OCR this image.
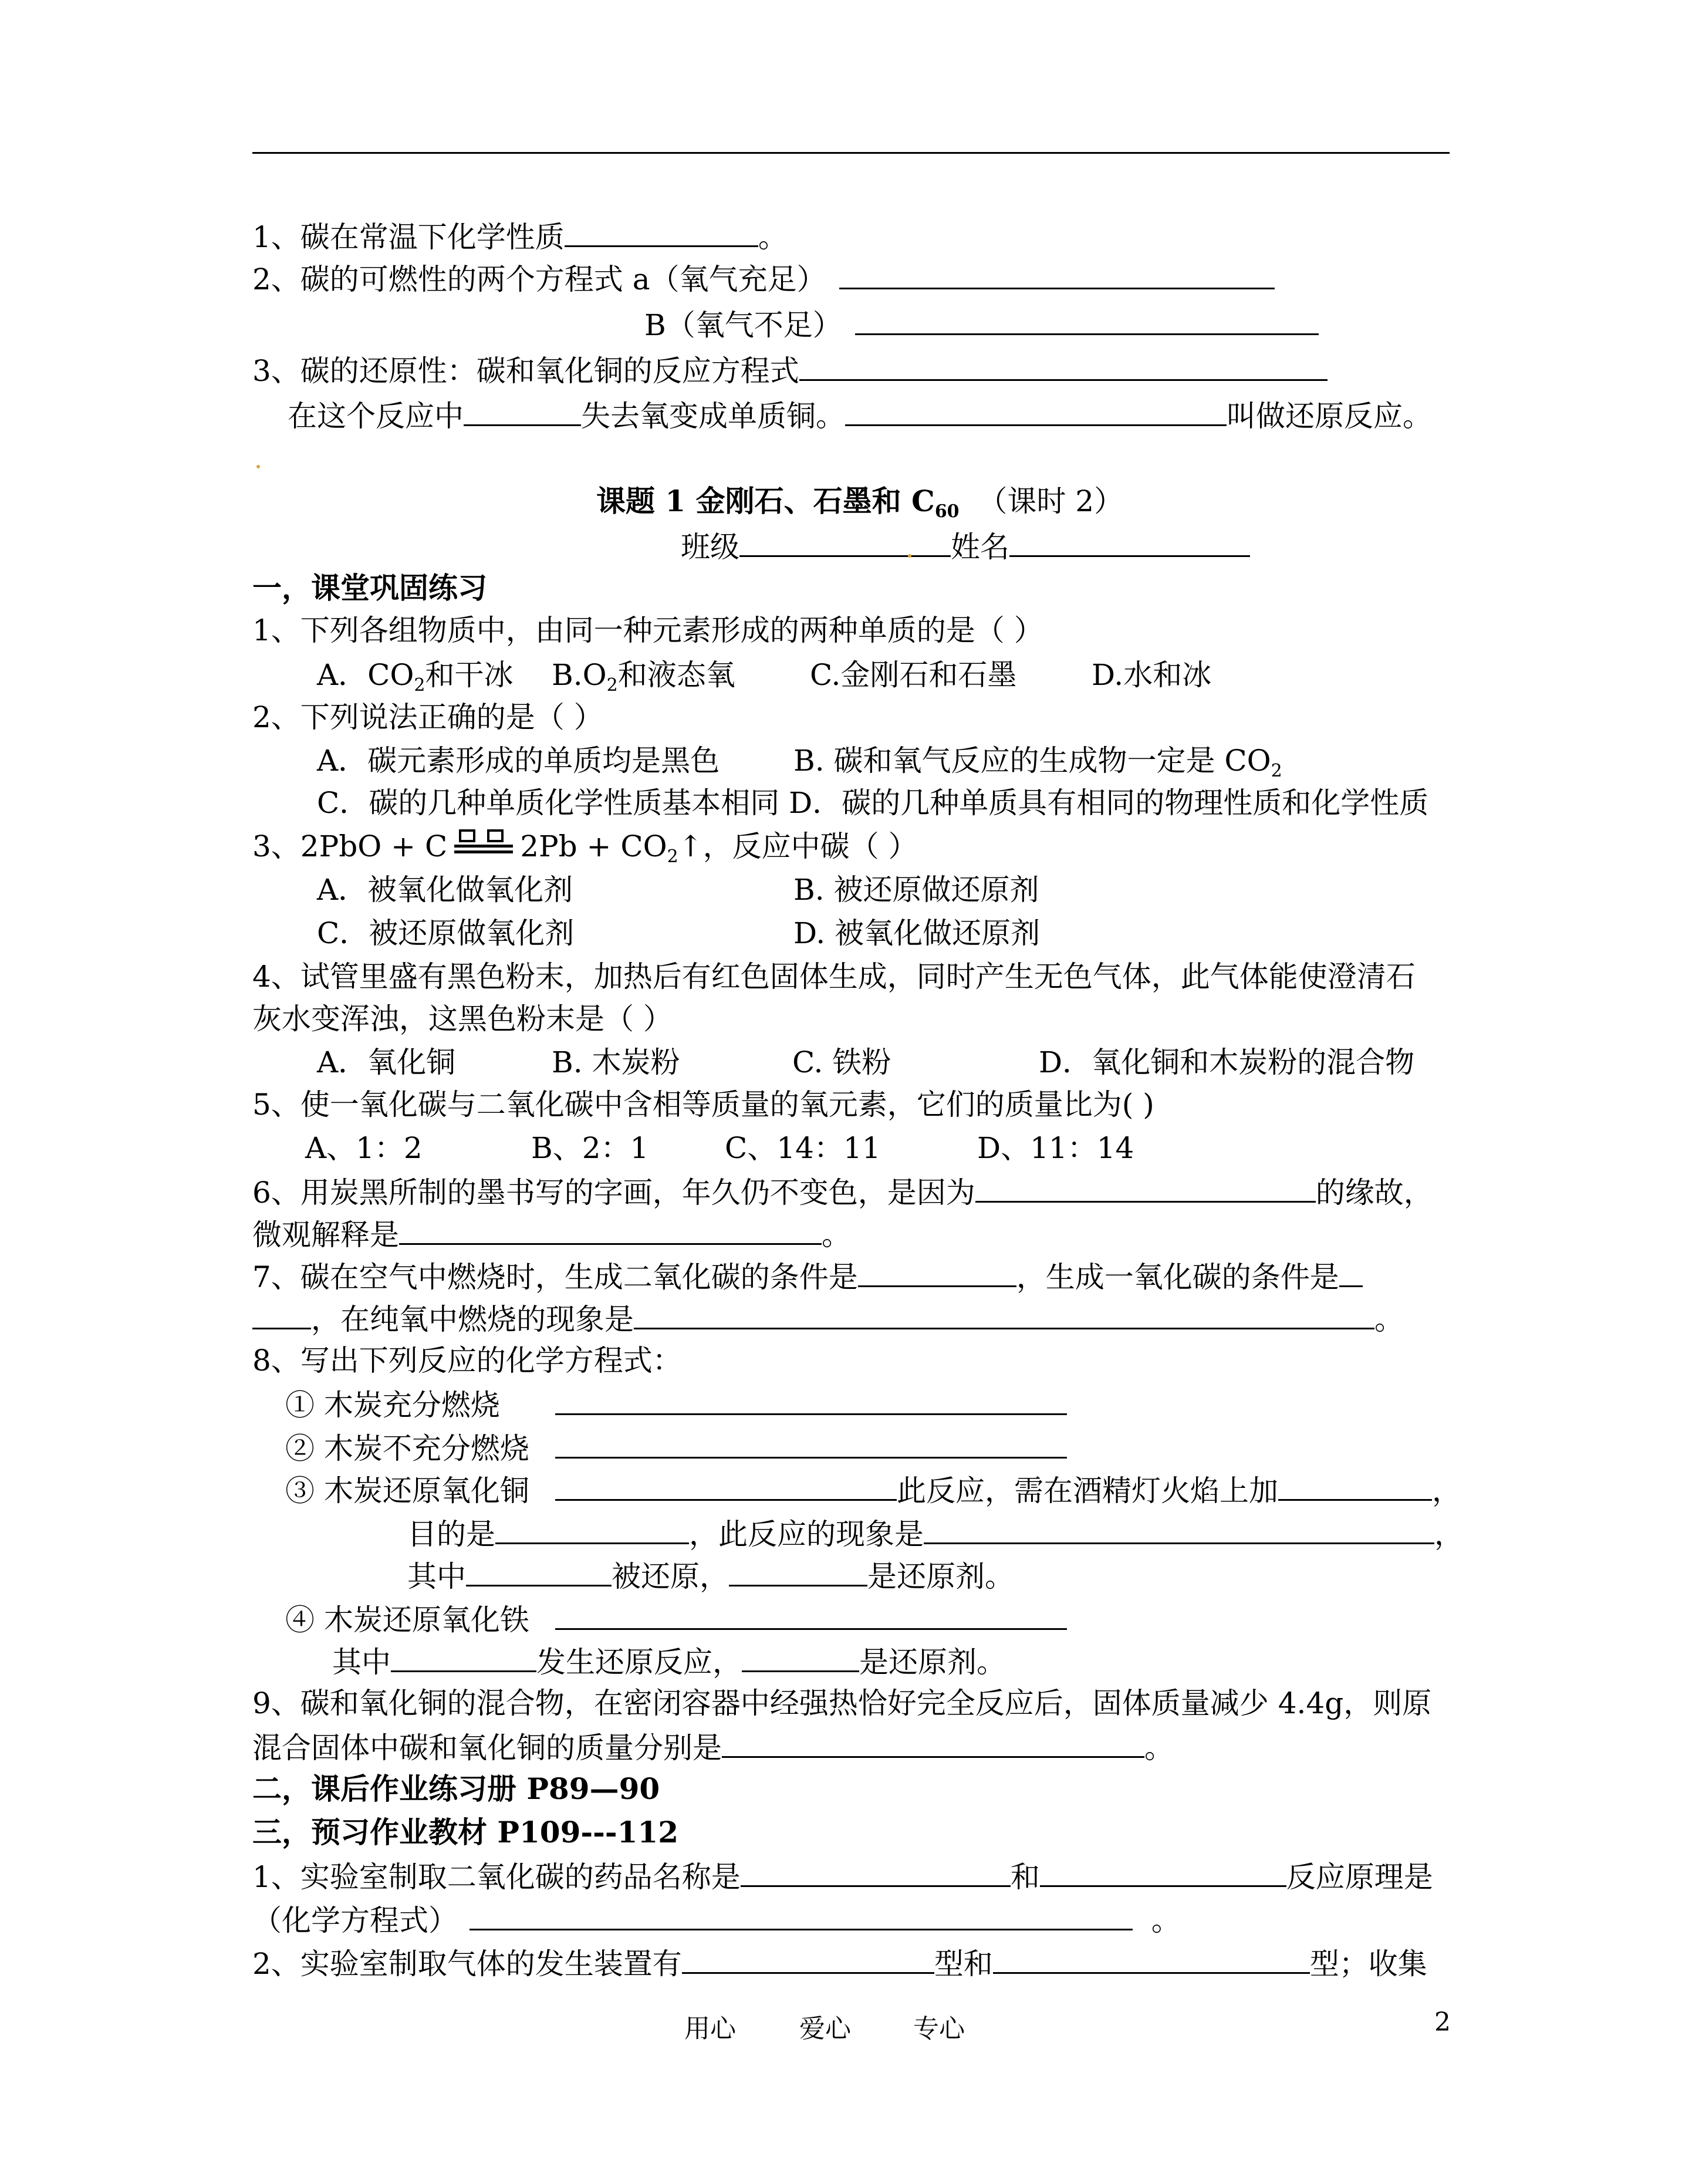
1、碳在常温下化学性质	。
2、碳的可燃性的两个方程式 a（氧气充足）
B（氧气不足）
3、碳的还原性：碳和氧化铜的反应方程式
在这个反应中	失去氧变成单质铜。	叫做还原反应。
课题 1 金刚石、石墨和 $C_{60}$ （课时 2）
班级	姓名
一，课堂巩固练习
1、下列各组物质中，由同一种元素形成的两种单质的是（ ）
A．$CO_2$和干冰 $B.O_2$和液态氧	C.金刚石和石墨	D.水和冰
2、下列说法正确的是（ ）
A．碳元素形成的单质均是黑色	B. 碳和氧气反应的生成物一定是 $CO_2$
C．碳的几种单质化学性质基本相同 D．碳的几种单质具有相同的物理性质和化学性质
3、2PbO + C $2Pb + CO_2↑$，反应中碳（ ）
A．被氧化做氧化剂	B. 被还原做还原剂
C．被还原做氧化剂	D. 被氧化做还原剂
4、试管里盛有黑色粉末，加热后有红色固体生成，同时产生无色气体，此气体能使澄清石
灰水变浑浊，这黑色粉末是（ ）
A．氧化铜	B. 木炭粉	C. 铁粉	D．氧化铜和木炭粉的混合物
5、使一氧化碳与二氧化碳中含相等质量的氧元素，它们的质量比为( )
A、1：2	B、2：1	C、14：11	D、11：14
6、用炭黑所制的墨书写的字画，年久仍不变色，是因为	的缘故，
微观解释是	。
7、碳在空气中燃烧时，生成二氧化碳的条件是	，生成一氧化碳的条件是
，在纯氧中燃烧的现象是	。
8、写出下列反应的化学方程式：
① 木炭充分燃烧
② 木炭不充分燃烧
③ 木炭还原氧化铜	此反应，需在酒精灯火焰上加	，
目的是	，此反应的现象是	，
其中	被还原，	是还原剂。
④ 木炭还原氧化铁
其中	发生还原反应，	是还原剂。
9、碳和氧化铜的混合物，在密闭容器中经强热恰好完全反应后，固体质量减少 4.4g，则原
混合固体中碳和氧化铜的质量分别是	。
二，课后作业练习册 P89—90
三，预习作业教材 P109---112
1、实验室制取二氧化碳的药品名称是	和	反应原理是
（化学方程式）	。
2、实验室制取气体的发生装置有	型和	型；收集
用心 爱心 专心	2
